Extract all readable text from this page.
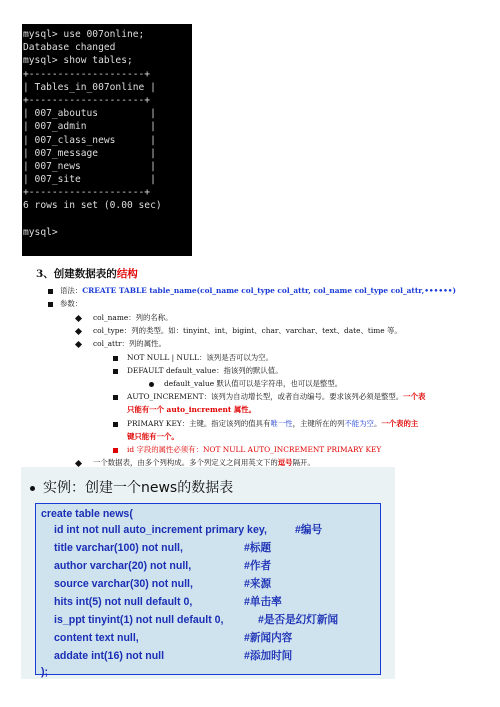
mysql> use 007online;
Database changed
mysql> show tables;
+--------------------+
| Tables_in_007online |
+--------------------+
| 007_aboutus         |
| 007_admin           |
| 007_class_news      |
| 007_message         |
| 007_news            |
| 007_site            |
+--------------------+
6 rows in set (0.00 sec)
mysql>
3、创建数据表的结构
语法：CREATE TABLE table_name(col_name col_type col_attr, col_name col_type col_attr,••••••)
参数：
col_name：列的名称。
col_type：列的类型。如：tinyint、int、bigint、char、varchar、text、date、time 等。
col_attr：列的属性。
NOT NULL | NULL：该列是否可以为空。
DEFAULT default_value：指该列的默认值。
default_value 默认值可以是字符串，也可以是整型。
AUTO_INCREMENT：该列为自动增长型，或者自动编号。要求该列必须是整型。一个表
只能有一个 auto_increment 属性。
PRIMARY KEY：主键。指定该列的值具有唯一性，主键所在的列不能为空。一个表的主
键只能有一个。
id 字段的属性必须有：NOT NULL AUTO_INCREMENT PRIMARY KEY
一个数据表，由多个列构成。多个列定义之间用英文下的逗号隔开。
实例：创建一个news的数据表
create table news(
id int not null auto_increment primary key,	#编号
title varchar(100) not null,	#标题
author varchar(20) not null,	#作者
source varchar(30) not null,	#来源
hits int(5) not null default 0,	#单击率
is_ppt tinyint(1) not null default 0,	#是否是幻灯新闻
content text null,	#新闻内容
addate int(16) not null	#添加时间
);
